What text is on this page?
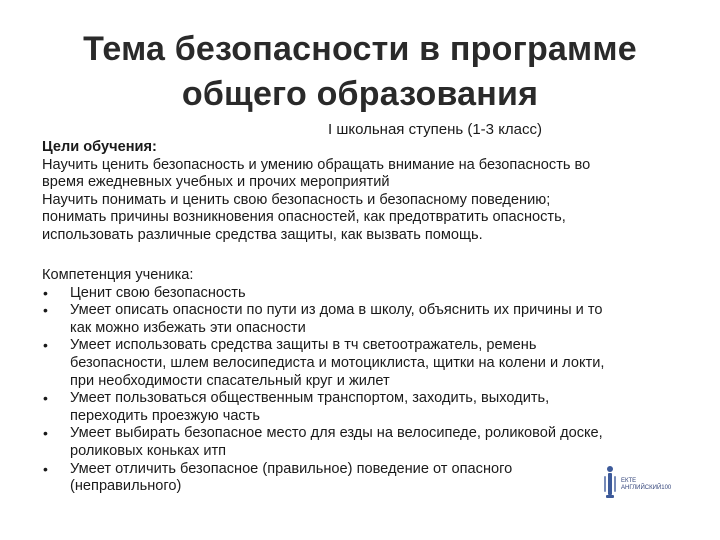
Тема безопасности в программе
общего образования
I школьная ступень (1-3 класс)
Цели обучения:
Научить ценить безопасность и умению обращать внимание на безопасность во
время ежедневных учебных и прочих мероприятий
Научить понимать и ценить свою безопасность и безопасному поведению;
понимать причины возникновения опасностей, как предотвратить опасность,
использовать различные средства защиты, как вызвать помощь.
Компетенция ученика:
• Ценит свою безопасность
• Умеет описать опасности по пути из дома в школу, объяснить их причины и то
как можно избежать эти опасности
• Умеет использовать средства защиты в тч светоотражатель, ремень
безопасности, шлем велосипедиста и мотоциклиста, щитки на колени и локти,
при необходимости спасательный круг и жилет
• Умеет пользоваться общественным транспортом, заходить, выходить,
переходить проезжую часть
• Умеет выбирать безопасное место для езды на велосипеде, роликовой доске,
роликовых коньках итп
• Умеет отличить безопасное (правильное) поведение от опасного
(неправильного)	ЕКТЕ
АНГЛИЙСКИЙ100
